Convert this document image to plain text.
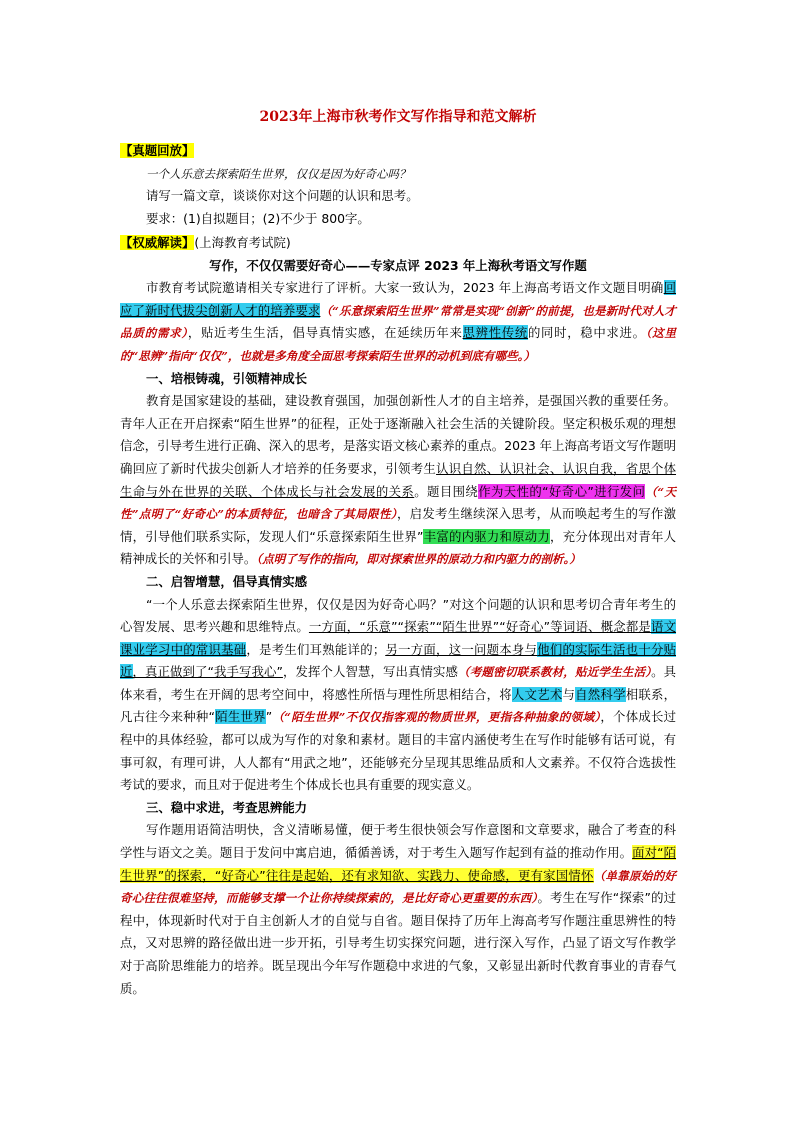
2023年上海市秋考作文写作指导和范文解析

【真题回放】

一个人乐意去探索陌生世界，仅仅是因为好奇心吗？

请写一篇文章，谈谈你对这个问题的认识和思考。

要求：(1)自拟题目；(2)不少于 800字。

【权威解读】(上海教育考试院)

写作，不仅仅需要好奇心——专家点评 2023 年上海秋考语文写作题

市教育考试院邀请相关专家进行了评析。大家一致认为，2023 年上海高考语文作文题目明确回应了新时代拔尖创新人才的培养要求（“乐意探索陌生世界”常常是实现“创新”的前提，也是新时代对人才品质的需求），贴近考生生活，倡导真情实感，在延续历年来思辨性传统的同时，稳中求进。（这里的“思辨”指向“仅仅”，也就是多角度全面思考探索陌生世界的动机到底有哪些。）

一、培根铸魂，引领精神成长

教育是国家建设的基础，建设教育强国，加强创新性人才的自主培养，是强国兴教的重要任务。青年人正在开启探索“陌生世界”的征程，正处于逐渐融入社会生活的关键阶段。坚定积极乐观的理想信念，引导考生进行正确、深入的思考，是落实语文核心素养的重点。2023 年上海高考语文写作题明确回应了新时代拔尖创新人才培养的任务要求，引领考生认识自然、认识社会、认识自我，省思个体生命与外在世界的关联、个体成长与社会发展的关系。题目围绕作为天性的“好奇心”进行发问（“天性”点明了“好奇心”的本质特征，也暗含了其局限性），启发考生继续深入思考，从而唤起考生的写作激情，引导他们联系实际，发现人们“乐意探索陌生世界”丰富的内驱力和原动力，充分体现出对青年人精神成长的关怀和引导。（点明了写作的指向，即对探索世界的原动力和内驱力的剖析。）

二、启智增慧，倡导真情实感

“一个人乐意去探索陌生世界，仅仅是因为好奇心吗？”对这个问题的认识和思考切合青年考生的心智发展、思考兴趣和思维特点。一方面，“乐意”“探索”“陌生世界”“好奇心”等词语、概念都是语文课业学习中的常识基础，是考生们耳熟能详的；另一方面，这一问题本身与他们的实际生活也十分贴近，真正做到了“我手写我心”，发挥个人智慧，写出真情实感（考题密切联系教材，贴近学生生活）。具体来看，考生在开阔的思考空间中，将感性所悟与理性所思相结合，将人文艺术与自然科学相联系，凡古往今来种种“陌生世界”（“陌生世界”不仅仅指客观的物质世界，更指各种抽象的领域），个体成长过程中的具体经验，都可以成为写作的对象和素材。题目的丰富内涵使考生在写作时能够有话可说，有事可叙，有理可讲，人人都有“用武之地”，还能够充分呈现其思维品质和人文素养。不仅符合选拔性考试的要求，而且对于促进考生个体成长也具有重要的现实意义。

三、稳中求进，考查思辨能力

写作题用语简洁明快，含义清晰易懂，便于考生很快领会写作意图和文章要求，融合了考查的科学性与语文之美。题目于发问中寓启迪，循循善诱，对于考生入题写作起到有益的推动作用。面对“陌生世界”的探索，“好奇心”往往是起始，还有求知欲、实践力、使命感，更有家国情怀（单靠原始的好奇心往往很难坚持，而能够支撑一个让你持续探索的，是比好奇心更重要的东西）。考生在写作“探索”的过程中，体现新时代对于自主创新人才的自觉与自省。题目保持了历年上海高考写作题注重思辨性的特点，又对思辨的路径做出进一步开拓，引导考生切实探究问题，进行深入写作，凸显了语文写作教学对于高阶思维能力的培养。既呈现出今年写作题稳中求进的气象，又彰显出新时代教育事业的青春气质。
